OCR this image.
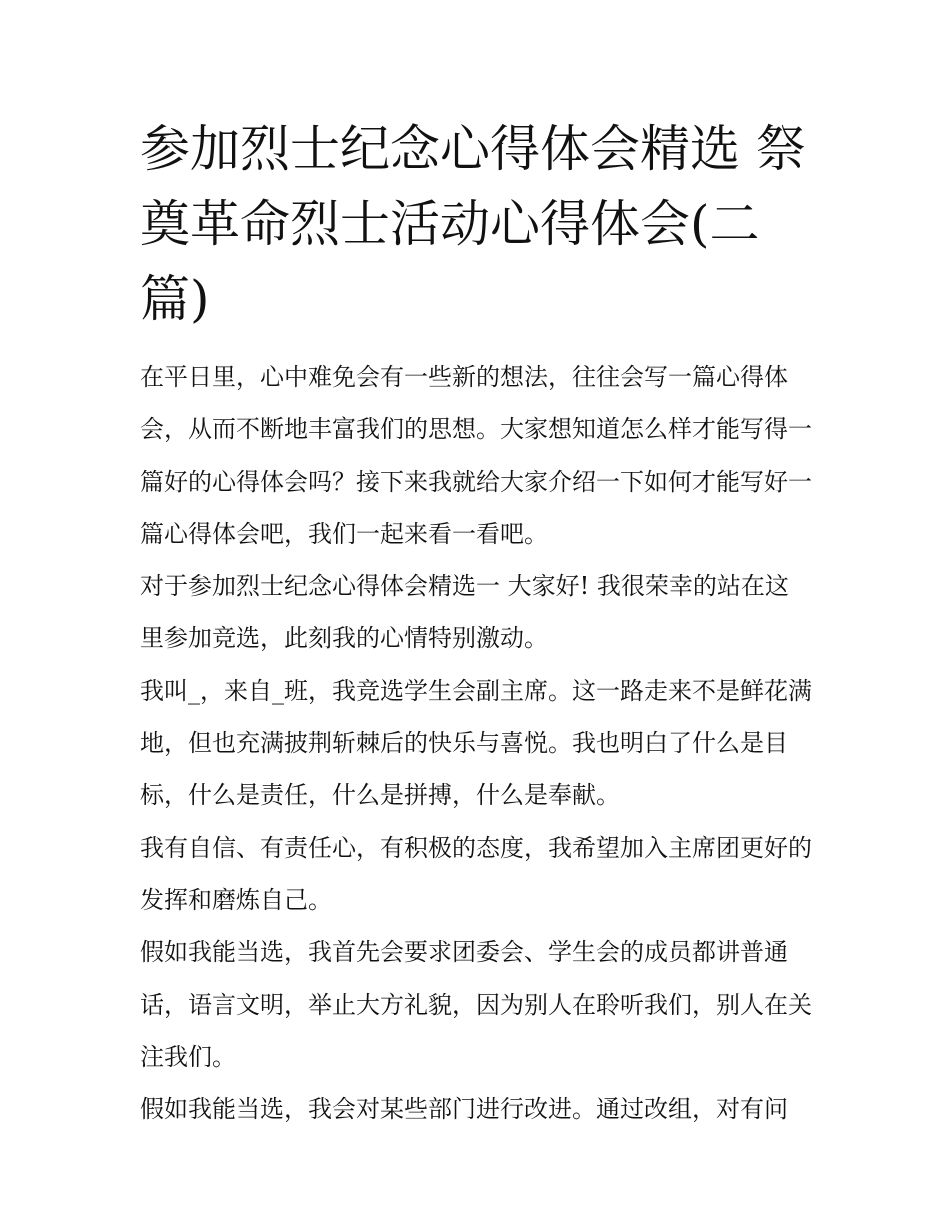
参加烈士纪念心得体会精选 祭奠革命烈士活动心得体会(二篇)

在平日里，心中难免会有一些新的想法，往往会写一篇心得体会，从而不断地丰富我们的思想。大家想知道怎么样才能写得一篇好的心得体会吗？接下来我就给大家介绍一下如何才能写好一篇心得体会吧，我们一起来看一看吧。

对于参加烈士纪念心得体会精选一 大家好! 我很荣幸的站在这里参加竞选，此刻我的心情特别激动。

我叫_，来自_班，我竞选学生会副主席。这一路走来不是鲜花满地，但也充满披荆斩棘后的快乐与喜悦。我也明白了什么是目标，什么是责任，什么是拼搏，什么是奉献。

我有自信、有责任心，有积极的态度，我希望加入主席团更好的发挥和磨炼自己。

假如我能当选，我首先会要求团委会、学生会的成员都讲普通话，语言文明，举止大方礼貌，因为别人在聆听我们，别人在关注我们。

假如我能当选，我会对某些部门进行改进。通过改组，对有问
